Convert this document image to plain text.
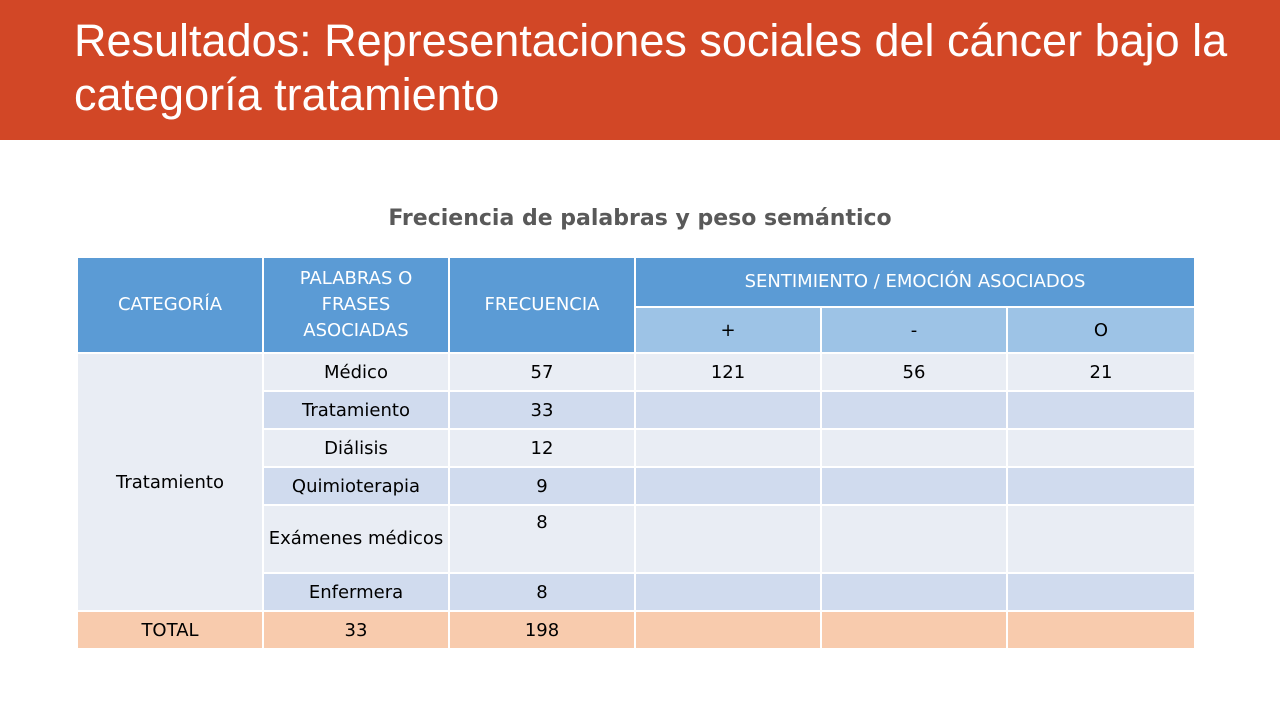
Resultados: Representaciones sociales del cáncer bajo la categoría tratamiento

Freciencia de palabras y peso semántico

CATEGORÍA	PALABRAS O FRASES ASOCIADAS	FRECUENCIA	SENTIMIENTO / EMOCIÓN ASOCIADOS		
			+	-	O
Tratamiento	Médico	57	121	56	21
	Tratamiento	33			
	Diálisis	12			
	Quimioterapia	9			
	Exámenes médicos	8			
	Enfermera	8			
TOTAL	33	198			
